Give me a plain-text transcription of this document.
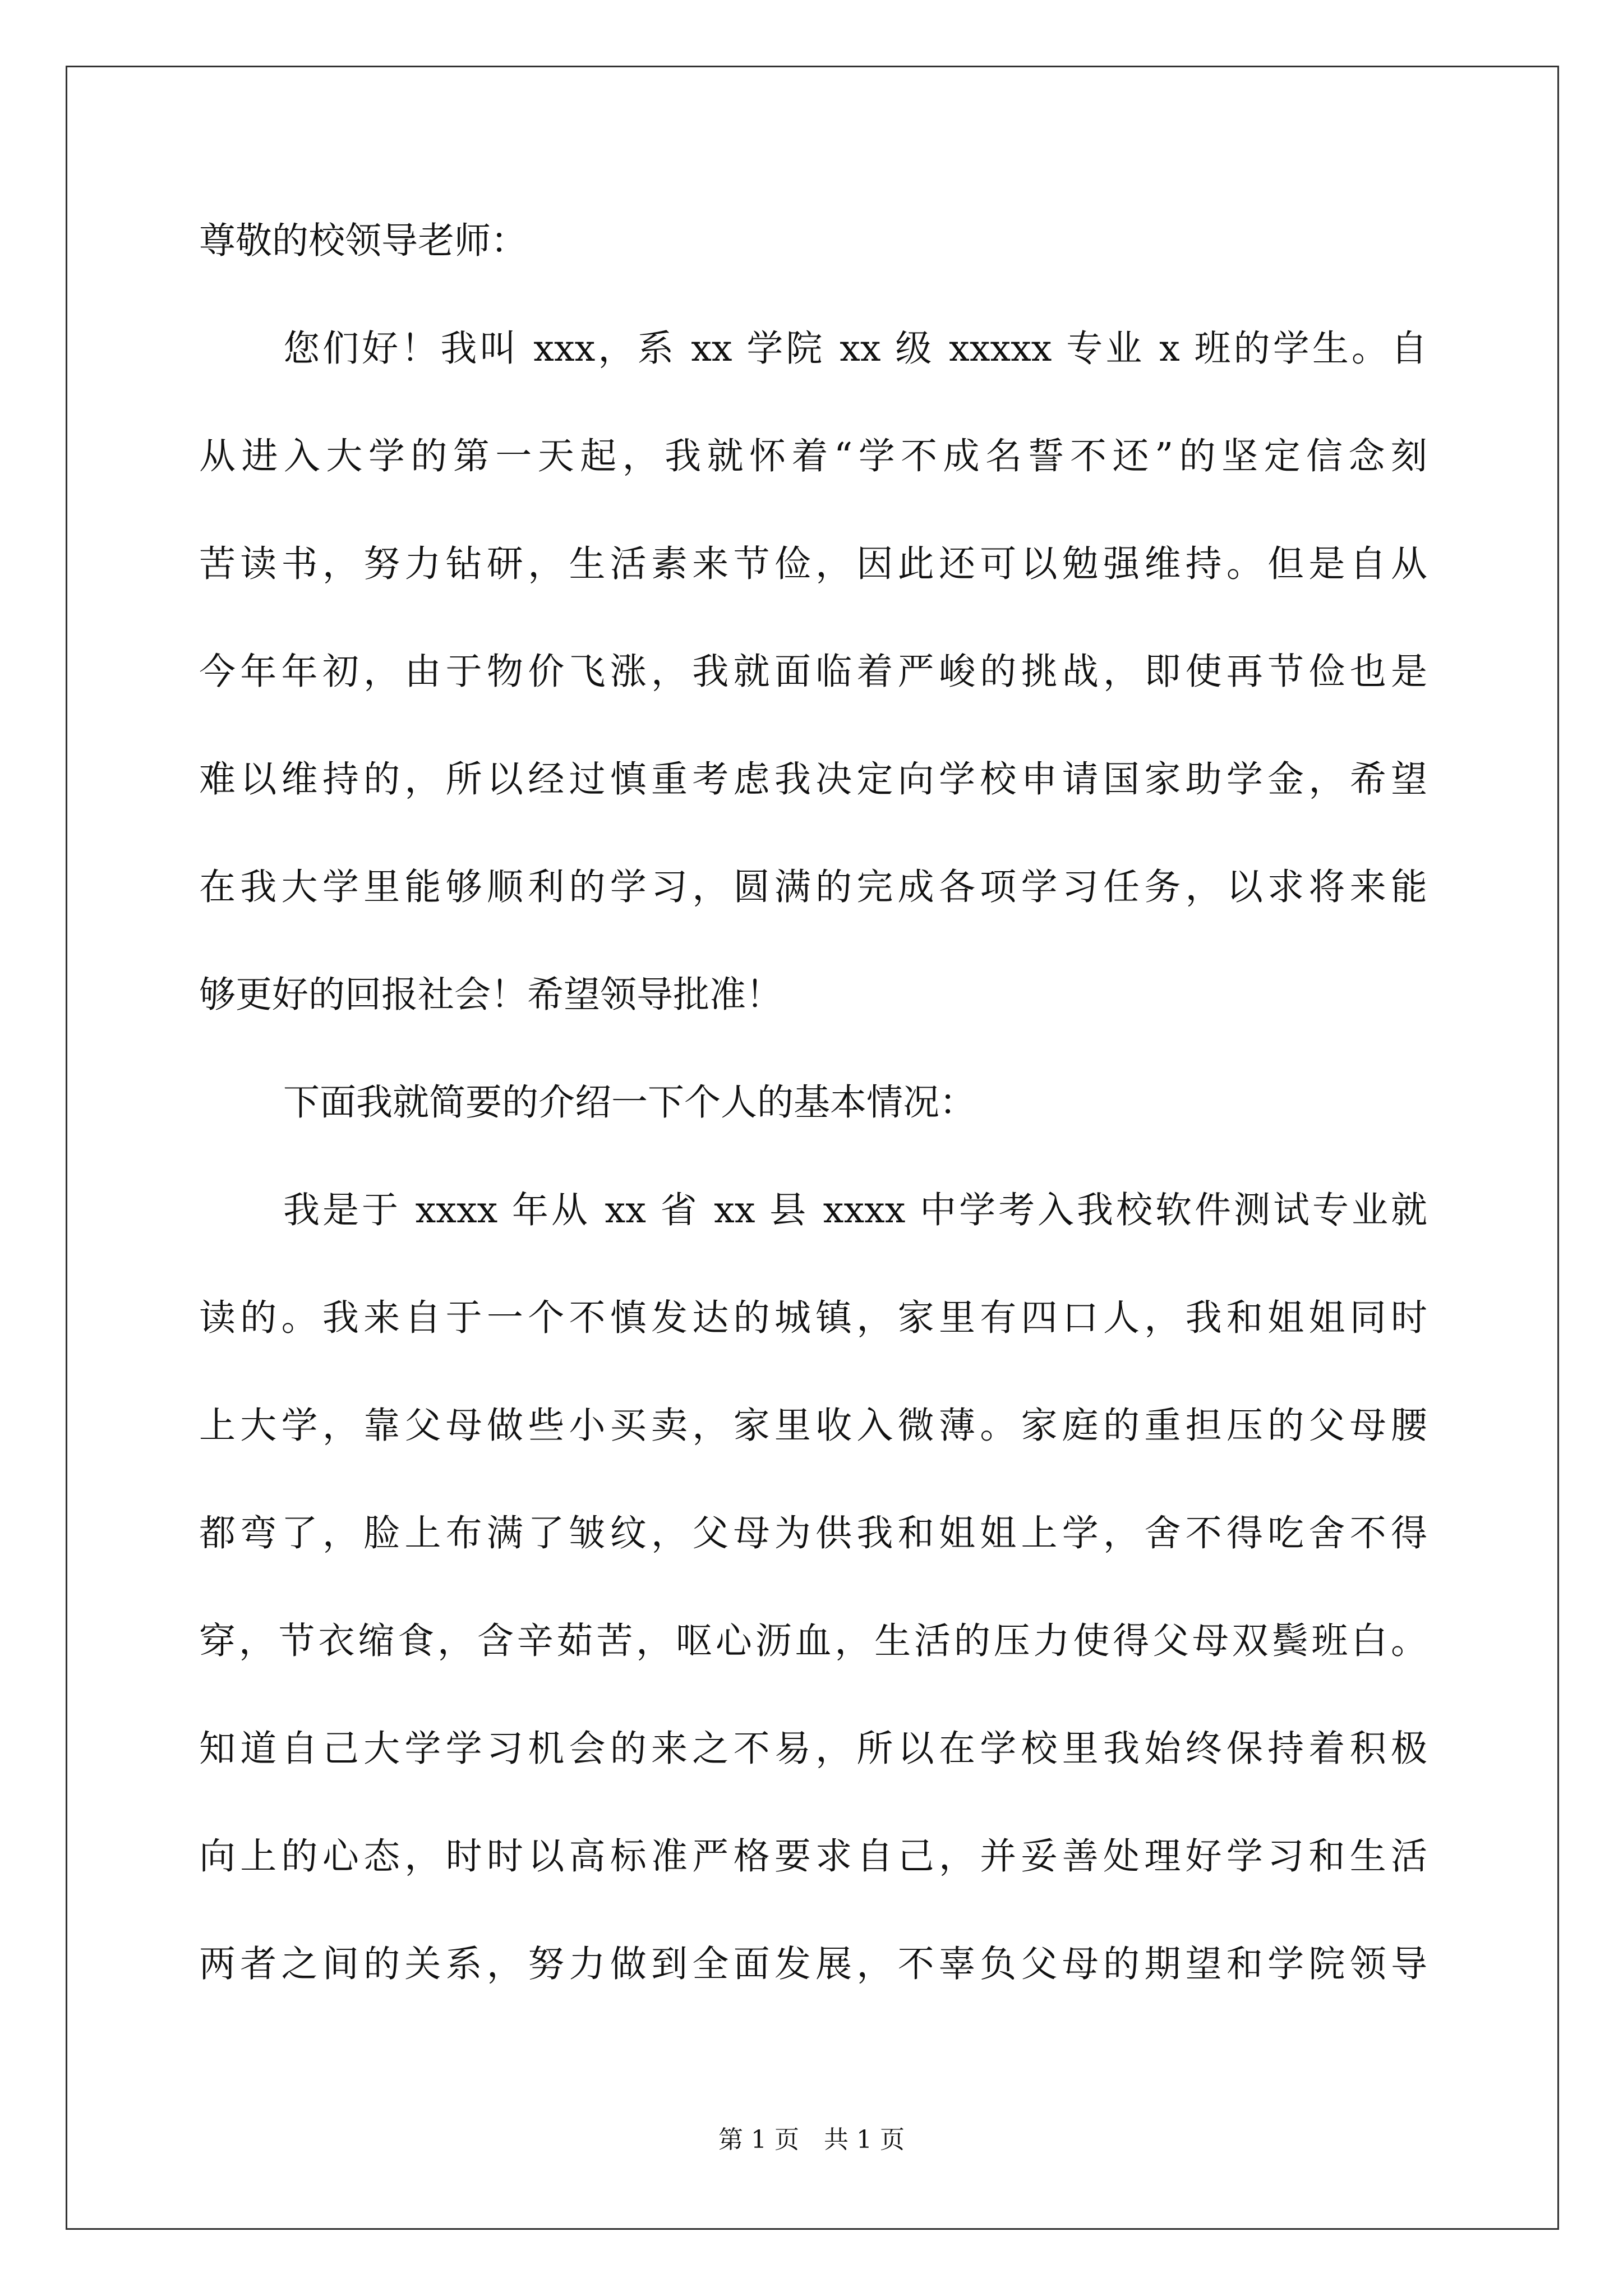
尊敬的校领导老师：
您们好！我叫 xxx，系 xx 学院 xx 级 xxxxx 专业 x 班的学生。自
从进入大学的第一天起，我就怀着“学不成名誓不还”的坚定信念刻
苦读书，努力钻研，生活素来节俭，因此还可以勉强维持。但是自从
今年年初，由于物价飞涨，我就面临着严峻的挑战，即使再节俭也是
难以维持的，所以经过慎重考虑我决定向学校申请国家助学金，希望
在我大学里能够顺利的学习，圆满的完成各项学习任务，以求将来能
够更好的回报社会！希望领导批准！
下面我就简要的介绍一下个人的基本情况：
我是于 xxxx 年从 xx 省 xx 县 xxxx 中学考入我校软件测试专业就
读的。我来自于一个不慎发达的城镇，家里有四口人，我和姐姐同时
上大学，靠父母做些小买卖，家里收入微薄。家庭的重担压的父母腰
都弯了，脸上布满了皱纹，父母为供我和姐姐上学，舍不得吃舍不得
穿，节衣缩食，含辛茹苦，呕心沥血，生活的压力使得父母双鬓班白。
知道自己大学学习机会的来之不易，所以在学校里我始终保持着积极
向上的心态，时时以高标准严格要求自己，并妥善处理好学习和生活
两者之间的关系，努力做到全面发展，不辜负父母的期望和学院领导
第 1 页　共 1 页
